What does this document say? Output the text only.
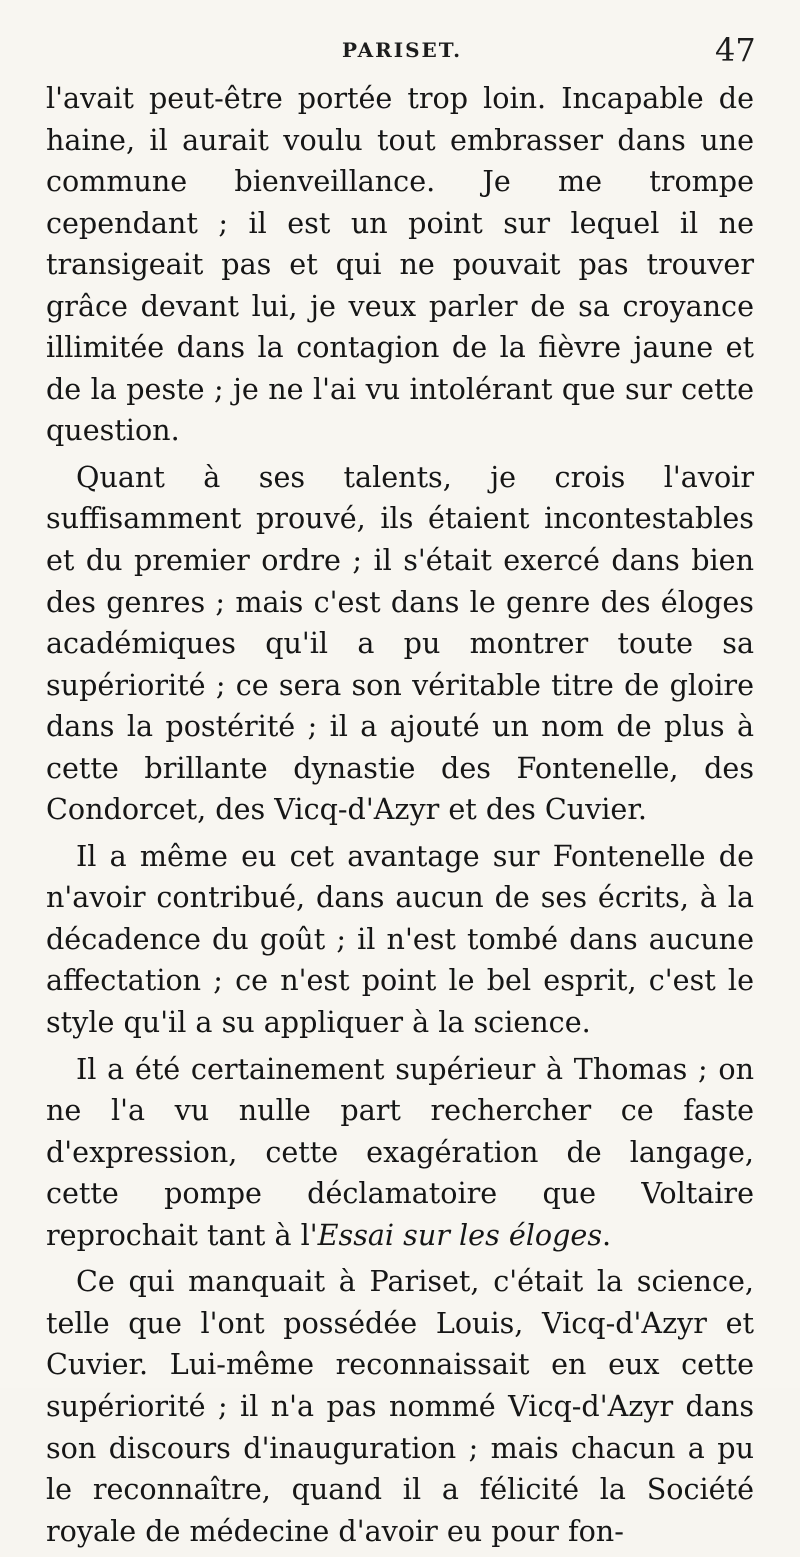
PARISET.	47

l'avait peut-être portée trop loin. Incapable de haine, il aurait voulu tout embrasser dans une commune bienveillance. Je me trompe cependant ; il est un point sur lequel il ne transigeait pas et qui ne pouvait pas trouver grâce devant lui, je veux parler de sa croyance illimitée dans la contagion de la fièvre jaune et de la peste ; je ne l'ai vu intolérant que sur cette question.

Quant à ses talents, je crois l'avoir suffisamment prouvé, ils étaient incontestables et du premier ordre ; il s'était exercé dans bien des genres ; mais c'est dans le genre des éloges académiques qu'il a pu montrer toute sa supériorité ; ce sera son véritable titre de gloire dans la postérité ; il a ajouté un nom de plus à cette brillante dynastie des Fontenelle, des Condorcet, des Vicq-d'Azyr et des Cuvier.

Il a même eu cet avantage sur Fontenelle de n'avoir contribué, dans aucun de ses écrits, à la décadence du goût ; il n'est tombé dans aucune affectation ; ce n'est point le bel esprit, c'est le style qu'il a su appliquer à la science.

Il a été certainement supérieur à Thomas ; on ne l'a vu nulle part rechercher ce faste d'expression, cette exagération de langage, cette pompe déclamatoire que Voltaire reprochait tant à l'Essai sur les éloges.

Ce qui manquait à Pariset, c'était la science, telle que l'ont possédée Louis, Vicq-d'Azyr et Cuvier. Lui-même reconnaissait en eux cette supériorité ; il n'a pas nommé Vicq-d'Azyr dans son discours d'inauguration ; mais chacun a pu le reconnaître, quand il a félicité la Société royale de médecine d'avoir eu pour fon-
